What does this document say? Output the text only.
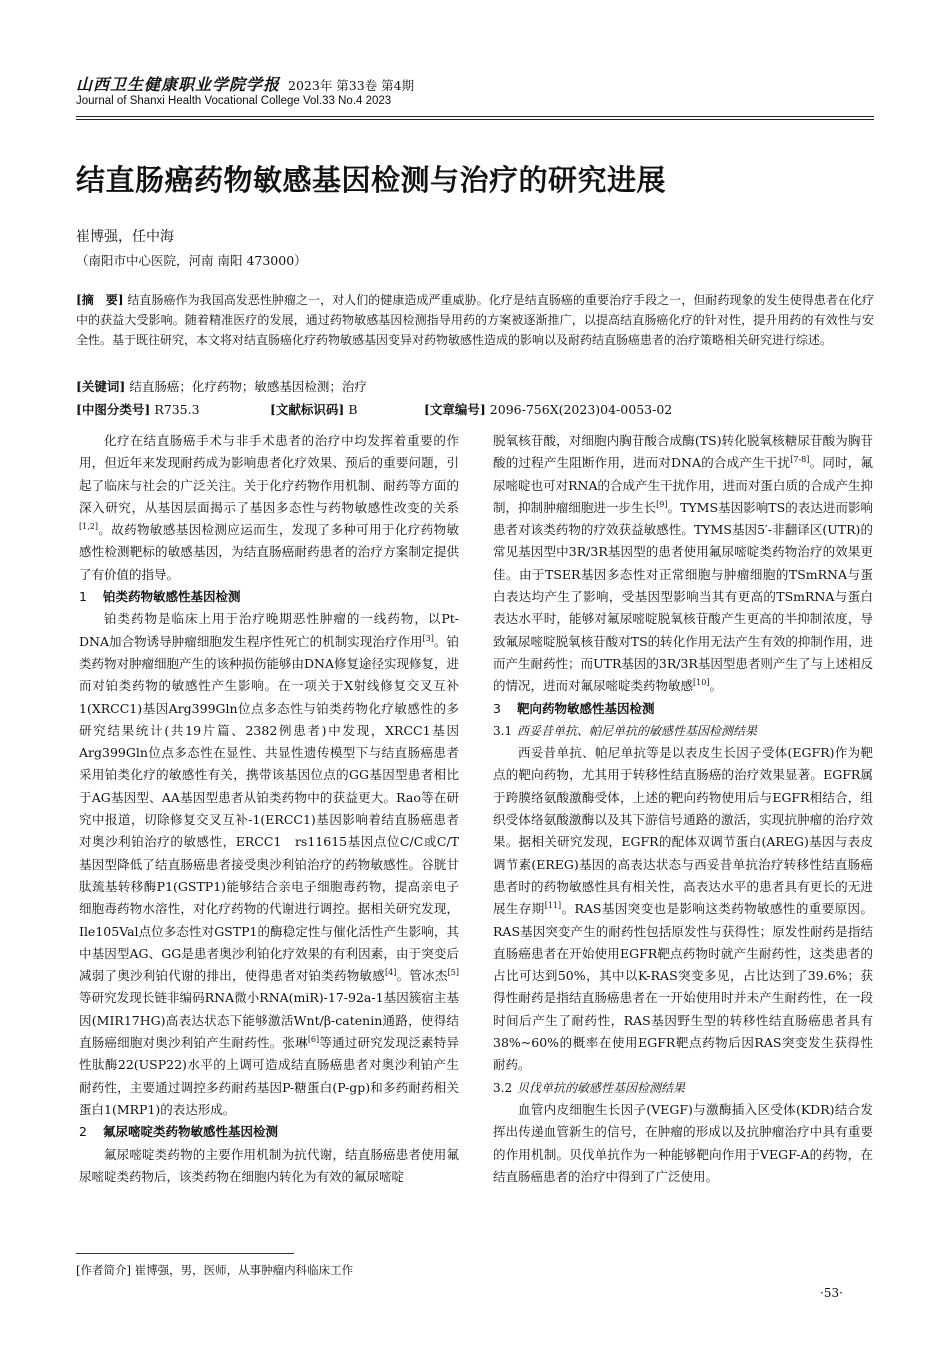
山西卫生健康职业学院学报 2023年 第33卷 第4期
Journal of Shanxi Health Vocational College Vol.33 No.4 2023
结直肠癌药物敏感基因检测与治疗的研究进展
崔博强，任中海
（南阳市中心医院，河南 南阳 473000）
[摘　要] 结直肠癌作为我国高发恶性肿瘤之一，对人们的健康造成严重威胁。化疗是结直肠癌的重要治疗手段之一，但耐药现象的发生使得患者在化疗中的获益大受影响。随着精准医疗的发展，通过药物敏感基因检测指导用药的方案被逐渐推广，以提高结直肠癌化疗的针对性，提升用药的有效性与安全性。基于既往研究，本文将对结直肠癌化疗药物敏感基因变异对药物敏感性造成的影响以及耐药结直肠癌患者的治疗策略相关研究进行综述。
[关键词] 结直肠癌；化疗药物；敏感基因检测；治疗
[中图分类号] R735.3	[文献标识码] B	[文章编号] 2096-756X(2023)04-0053-02

化疗在结直肠癌手术与非手术患者的治疗中均发挥着重要的作用，但近年来发现耐药成为影响患者化疗效果、预后的重要问题，引起了临床与社会的广泛关注。关于化疗药物作用机制、耐药等方面的深入研究，从基因层面揭示了基因多态性与药物敏感性改变的关系[1,2]。故药物敏感基因检测应运而生，发现了多种可用于化疗药物敏感性检测靶标的敏感基因，为结直肠癌耐药患者的治疗方案制定提供了有价值的指导。

1 铂类药物敏感性基因检测

铂类药物是临床上用于治疗晚期恶性肿瘤的一线药物，以Pt-DNA加合物诱导肿瘤细胞发生程序性死亡的机制实现治疗作用[3]。铂类药物对肿瘤细胞产生的该种损伤能够由DNA修复途径实现修复，进而对铂类药物的敏感性产生影响。在一项关于X射线修复交叉互补1(XRCC1)基因Arg399Gln位点多态性与铂类药物化疗敏感性的多研究结果统计(共19片篇、2382例患者)中发现，XRCC1基因Arg399Gln位点多态性在显性、共显性遗传模型下与结直肠癌患者采用铂类化疗的敏感性有关，携带该基因位点的GG基因型患者相比于AG基因型、AA基因型患者从铂类药物中的获益更大。Rao等在研究中报道，切除修复交叉互补-1(ERCC1)基因影响着结直肠癌患者对奥沙利铂治疗的敏感性，ERCC1　rs11615基因点位C/C或C/T基因型降低了结直肠癌患者接受奥沙利铂治疗的药物敏感性。谷胱甘肽巯基转移酶P1(GSTP1)能够结合亲电子细胞毒药物，提高亲电子细胞毒药物水溶性，对化疗药物的代谢进行调控。据相关研究发现，Ile105Val点位多态性对GSTP1的酶稳定性与催化活性产生影响，其中基因型AG、GG是患者奥沙利铂化疗效果的有利因素，由于突变后减弱了奥沙利铂代谢的排出，使得患者对铂类药物敏感[4]。管冰杰[5]等研究发现长链非编码RNA微小RNA(miR)-17-92a-1基因簇宿主基因(MIR17HG)高表达状态下能够激活Wnt/β-catenin通路，使得结直肠癌细胞对奥沙利铂产生耐药性。张琳[6]等通过研究发现泛素特异性肽酶22(USP22)水平的上调可造成结直肠癌患者对奥沙利铂产生耐药性，主要通过调控多药耐药基因P-糖蛋白(P-gp)和多药耐药相关蛋白1(MRP1)的表达形成。

2 氟尿嘧啶类药物敏感性基因检测

氟尿嘧啶类药物的主要作用机制为抗代谢，结直肠癌患者使用氟尿嘧啶类药物后，该类药物在细胞内转化为有效的氟尿嘧啶

脱氧核苷酸，对细胞内胸苷酸合成酶(TS)转化脱氧核糖尿苷酸为胸苷酸的过程产生阻断作用，进而对DNA的合成产生干扰[7-8]。同时，氟尿嘧啶也可对RNA的合成产生干扰作用，进而对蛋白质的合成产生抑制，抑制肿瘤细胞进一步生长[9]。TYMS基因影响TS的表达进而影响患者对该类药物的疗效获益敏感性。TYMS基因5′-非翻译区(UTR)的常见基因型中3R/3R基因型的患者使用氟尿嘧啶类药物治疗的效果更佳。由于TSER基因多态性对正常细胞与肿瘤细胞的TSmRNA与蛋白表达均产生了影响，受基因型影响当其有更高的TSmRNA与蛋白表达水平时，能够对氟尿嘧啶脱氧核苷酸产生更高的半抑制浓度，导致氟尿嘧啶脱氧核苷酸对TS的转化作用无法产生有效的抑制作用，进而产生耐药性；而UTR基因的3R/3R基因型患者则产生了与上述相反的情况，进而对氟尿嘧啶类药物敏感[10]。

3 靶向药物敏感性基因检测
3.1 西妥昔单抗、帕尼单抗的敏感性基因检测结果

西妥昔单抗、帕尼单抗等是以表皮生长因子受体(EGFR)作为靶点的靶向药物，尤其用于转移性结直肠癌的治疗效果显著。EGFR属于跨膜络氨酸激酶受体，上述的靶向药物使用后与EGFR相结合，组织受体络氨酸激酶以及其下游信号通路的激活，实现抗肿瘤的治疗效果。据相关研究发现，EGFR的配体双调节蛋白(AREG)基因与表皮调节素(EREG)基因的高表达状态与西妥昔单抗治疗转移性结直肠癌患者时的药物敏感性具有相关性，高表达水平的患者具有更长的无进展生存期[11]。RAS基因突变也是影响这类药物敏感性的重要原因。RAS基因突变产生的耐药性包括原发性与获得性；原发性耐药是指结直肠癌患者在开始使用EGFR靶点药物时就产生耐药性，这类患者的占比可达到50%，其中以K-RAS突变多见，占比达到了39.6%；获得性耐药是指结直肠癌患者在一开始使用时并未产生耐药性，在一段时间后产生了耐药性，RAS基因野生型的转移性结直肠癌患者具有38%~60%的概率在使用EGFR靶点药物后因RAS突变发生获得性耐药。

3.2 贝伐单抗的敏感性基因检测结果

血管内皮细胞生长因子(VEGF)与激酶插入区受体(KDR)结合发挥出传递血管新生的信号，在肿瘤的形成以及抗肿瘤治疗中具有重要的作用机制。贝伐单抗作为一种能够靶向作用于VEGF-A的药物，在结直肠癌患者的治疗中得到了广泛使用。

[作者简介] 崔博强，男，医师，从事肿瘤内科临床工作
·53·
